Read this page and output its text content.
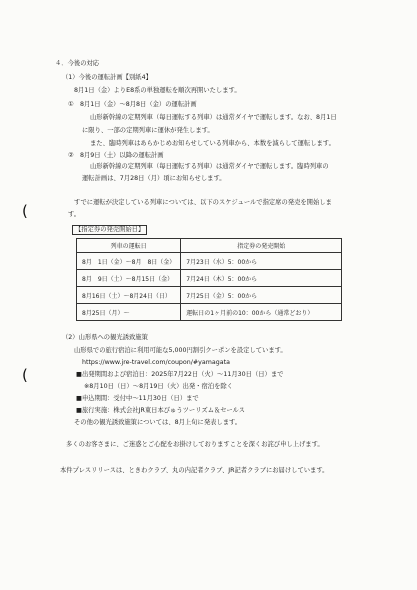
４．今後の対応
（1）今後の運転計画【別紙4】
8月1日（金）よりE8系の単独運転を順次再開いたします。
①　8月1日（金）～8月8日（金）の運転計画
山形新幹線の定期列車（毎日運転する列車）は通常ダイヤで運転します。なお、8月1日
に限り、一部の定期列車に運休が発生します。
また、臨時列車はあらかじめお知らせしている列車から、本数を減らして運転します。
②　8月9日（土）以降の運転計画
山形新幹線の定期列車（毎日運転する列車）は通常ダイヤで運転します。臨時列車の
運転計画は、7月28日（月）頃にお知らせします。
すでに運転が決定している列車については、以下のスケジュールで指定席の発売を開始しま
す。
【指定券の発売開始日】
列車の運転日	指定券の発売開始
8月　1日（金）～8月　8日（金）	7月23日（水）5：00から
8月　9日（土）～8月15日（金）	7月24日（木）5：00から
8月16日（土）～8月24日（日）	7月25日（金）5：00から
8月25日（月）～	運転日の1ヶ月前の10：00から（通常どおり）
（2）山形県への観光誘致施策
山形県での旅行宿泊に利用可能な5,000円割引クーポンを設定しています。
https://www.jre-travel.com/coupon/#yamagata
■出発期間および宿泊日：2025年7月22日（火）～11月30日（日）まで
※8月10日（日）～8月19日（火）出発・宿泊を除く
■申込期間：受付中～11月30日（日）まで
■旅行実施：株式会社JR東日本びゅうツーリズム＆セールス
その他の観光誘致施策については、8月上旬に発表します。
多くのお客さまに、ご迷惑とご心配をお掛けしておりますことを深くお詫び申し上げます。
本件プレスリリースは、ときわクラブ、丸の内記者クラブ、JR記者クラブにお届けしています。
(
(
